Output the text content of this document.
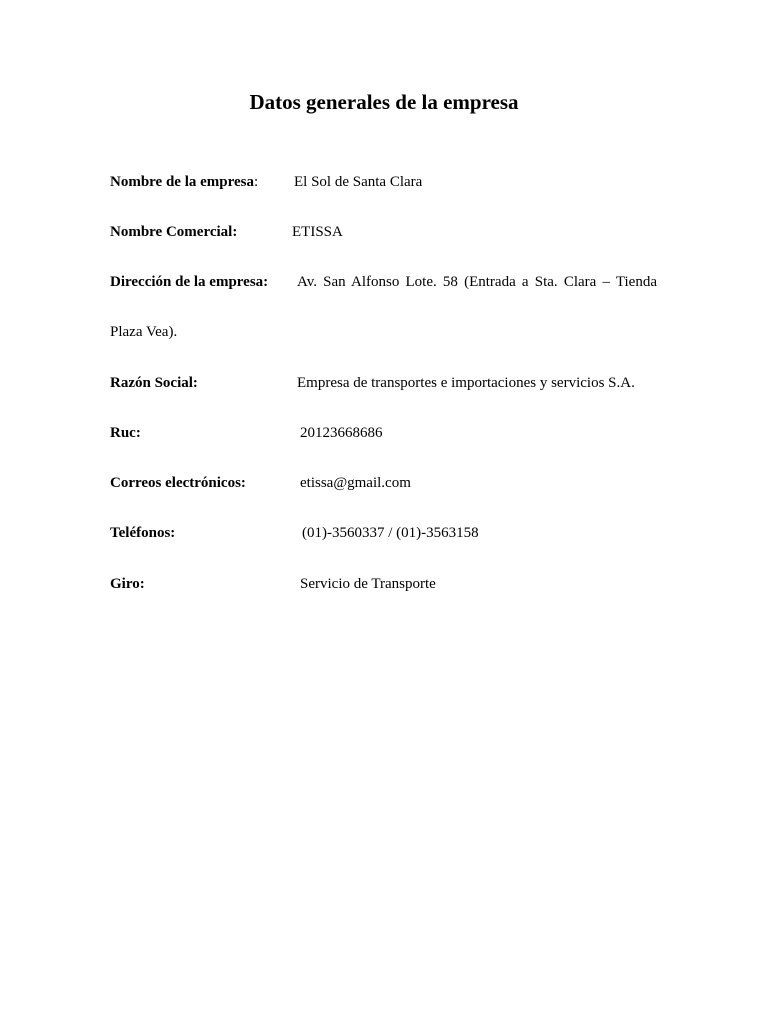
Datos generales de la empresa
Nombre de la empresa: El Sol de Santa Clara
Nombre Comercial:	ETISSA
Dirección de la empresa: Av. San Alfonso Lote. 58 (Entrada a Sta. Clara – Tienda
Plaza Vea).
Razón Social:	Empresa de transportes e importaciones y servicios S.A.
Ruc:	20123668686
Correos electrónicos:	etissa@gmail.com
Teléfonos:	(01)-3560337 / (01)-3563158
Giro:	Servicio de Transporte
